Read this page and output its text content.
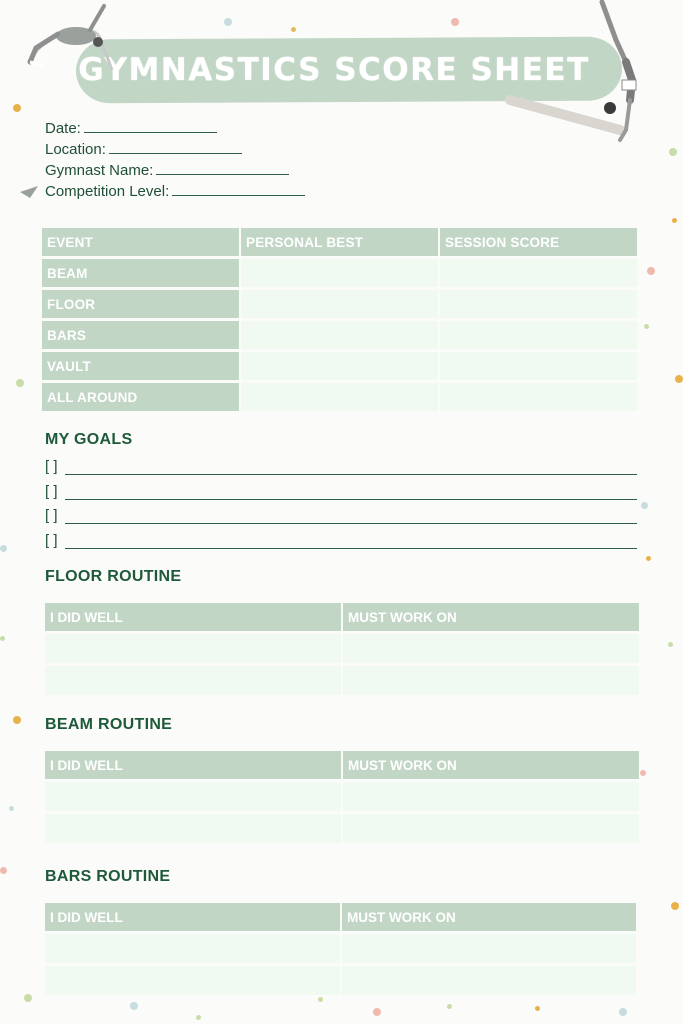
GYMNASTICS SCORE SHEET
Date:
Location:
Gymnast Name:
Competition Level:
EVENT	PERSONAL BEST	SESSION SCORE
BEAM
FLOOR
BARS
VAULT
ALL AROUND
MY GOALS
[ ]
[ ]
[ ]
[ ]
FLOOR ROUTINE
I DID WELL	MUST WORK ON
BEAM ROUTINE
I DID WELL	MUST WORK ON
BARS ROUTINE
I DID WELL	MUST WORK ON
